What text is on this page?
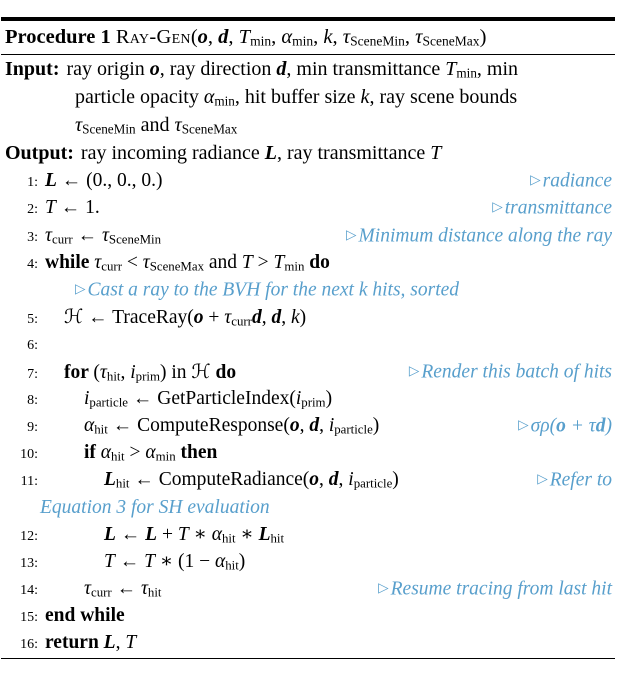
Procedure 1 Ray-Gen(o, d, Tmin, αmin, k, τSceneMin, τSceneMax)
Input: ray origin o, ray direction d, min transmittance Tmin, min
particle opacity αmin, hit buffer size k, ray scene bounds
τSceneMin and τSceneMax
Output: ray incoming radiance L, ray transmittance T
1: L ← (0., 0., 0.)	▷ radiance
2: T ← 1.	▷ transmittance
3: τcurr ← τSceneMin	▷ Minimum distance along the ray
4: while τcurr < τSceneMax and T > Tmin do
▷ Cast a ray to the BVH for the next k hits, sorted
5: ℋ ← TraceRay(o + τcurrd, d, k)
6:
7: for (τhit, iprim) in ℋ do	▷ Render this batch of hits
8: iparticle ← GetParticleIndex(iprim)
9: αhit ← ComputeResponse(o, d, iparticle)	▷ σρ(o + τd)
10: if αhit > αmin then
11:	Lhit ← ComputeRadiance(o, d, iparticle)	▷ Refer to
Equation 3 for SH evaluation
12:	L ← L + T ∗ αhit ∗ Lhit
13:	T ← T ∗ (1 − αhit)
14: τcurr ← τhit	▷ Resume tracing from last hit
15: end while
16: return L, T
